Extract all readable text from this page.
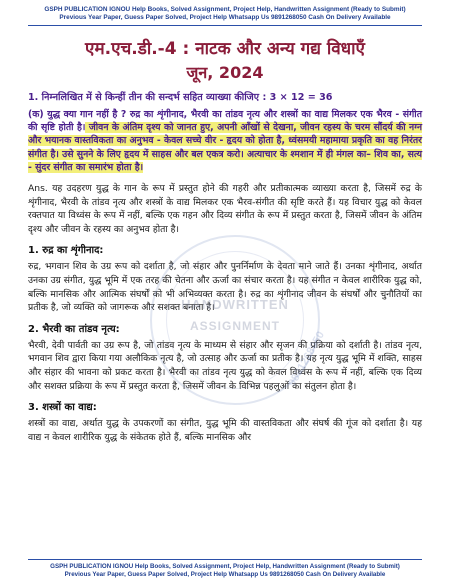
GSPH PUBLICATION IGNOU Help Books, Solved Assignment, Project Help, Handwritten Assignment (Ready to Submit)
Previous Year Paper, Guess Paper Solved, Project Help Whatsapp Us 9891268050 Cash On Delivery Available
एम.एच.डी.-4 : नाटक और अन्य गद्य विधाएँ
जून, 2024
1. निम्नलिखित में से किन्हीं तीन की सन्दर्भ सहित व्याख्या कीजिए : 3 × 12 = 36
(क) युद्ध क्या गान नहीं है ? रुद्र का शृंगीनाद, भैरवी का तांडव नृत्य और शस्त्रों का वाद्य मिलकर एक भैरव - संगीत की सृष्टि होती है। जीवन के अंतिम दृश्य को जानत हुए, अपनी आँखों से देखना, जीवन रहस्य के चरम सौंदर्य की नग्न और भयानक वास्तविकता का अनुभव - केवल सच्चे वीर - हृदय को होता है, ध्वंसमयी महामाया प्रकृति का वह निरंतर संगीत है। उसे सुनने के लिए हृदय में साहस और बल एकत्र करो। अत्याचार के श्मशान में ही मंगल का– शिव का, सत्य - सुंदर संगीत का समारंभ होता है।
Ans. यह उदहरण युद्ध के गान के रूप में प्रस्तुत होने की गहरी और प्रतीकात्मक व्याख्या करता है, जिसमें रुद्र के शृंगीनाद, भैरवी के तांडव नृत्य और शस्त्रों के वाद्य मिलकर एक भैरव-संगीत की सृष्टि करते हैं। यह विचार युद्ध को केवल रक्तपात या विध्वंस के रूप में नहीं, बल्कि एक गहन और दिव्य संगीत के रूप में प्रस्तुत करता है, जिसमें जीवन के अंतिम दृश्य और जीवन के रहस्य का अनुभव होता है।
1. रुद्र का शृंगीनाद:
रुद्र, भगवान शिव के उग्र रूप को दर्शाता है, जो संहार और पुनर्निर्माण के देवता माने जाते हैं। उनका शृंगीनाद, अर्थात उनका उग्र संगीत, युद्ध भूमि में एक तरह की चेतना और ऊर्जा का संचार करता है। यह संगीत न केवल शारीरिक युद्ध को, बल्कि मानसिक और आत्मिक संघर्षों को भी अभिव्यक्त करता है। रुद्र का शृंगीनाद जीवन के संघर्षों और चुनौतियों का प्रतीक है, जो व्यक्ति को जागरूक और सशक्त बनाता है।
2. भैरवी का तांडव नृत्य:
भैरवी, देवी पार्वती का उग्र रूप है, जो तांडव नृत्य के माध्यम से संहार और सृजन की प्रक्रिया को दर्शाती है। तांडव नृत्य, भगवान शिव द्वारा किया गया अलौकिक नृत्य है, जो उत्साह और ऊर्जा का प्रतीक है। यह नृत्य युद्ध भूमि में शक्ति, साहस और संहार की भावना को प्रकट करता है। भैरवी का तांडव नृत्य युद्ध को केवल विध्वंस के रूप में नहीं, बल्कि एक दिव्य और सशक्त प्रक्रिया के रूप में प्रस्तुत करता है, जिसमें जीवन के विभिन्न पहलुओं का संतुलन होता है।
3. शस्त्रों का वाद्य:
शस्त्रों का वाद्य, अर्थात युद्ध के उपकरणों का संगीत, युद्ध भूमि की वास्तविकता और संघर्ष की गूंज को दर्शाता है। यह वाद्य न केवल शारीरिक युद्ध के संकेतक होते हैं, बल्कि मानसिक और
HANDWRITTEN
ASSIGNMENT
9891268050
GSPH PUBLICATION IGNOU Help Books, Solved Assignment, Project Help, Handwritten Assignment (Ready to Submit)
Previous Year Paper, Guess Paper Solved, Project Help Whatsapp Us 9891268050 Cash On Delivery Available
